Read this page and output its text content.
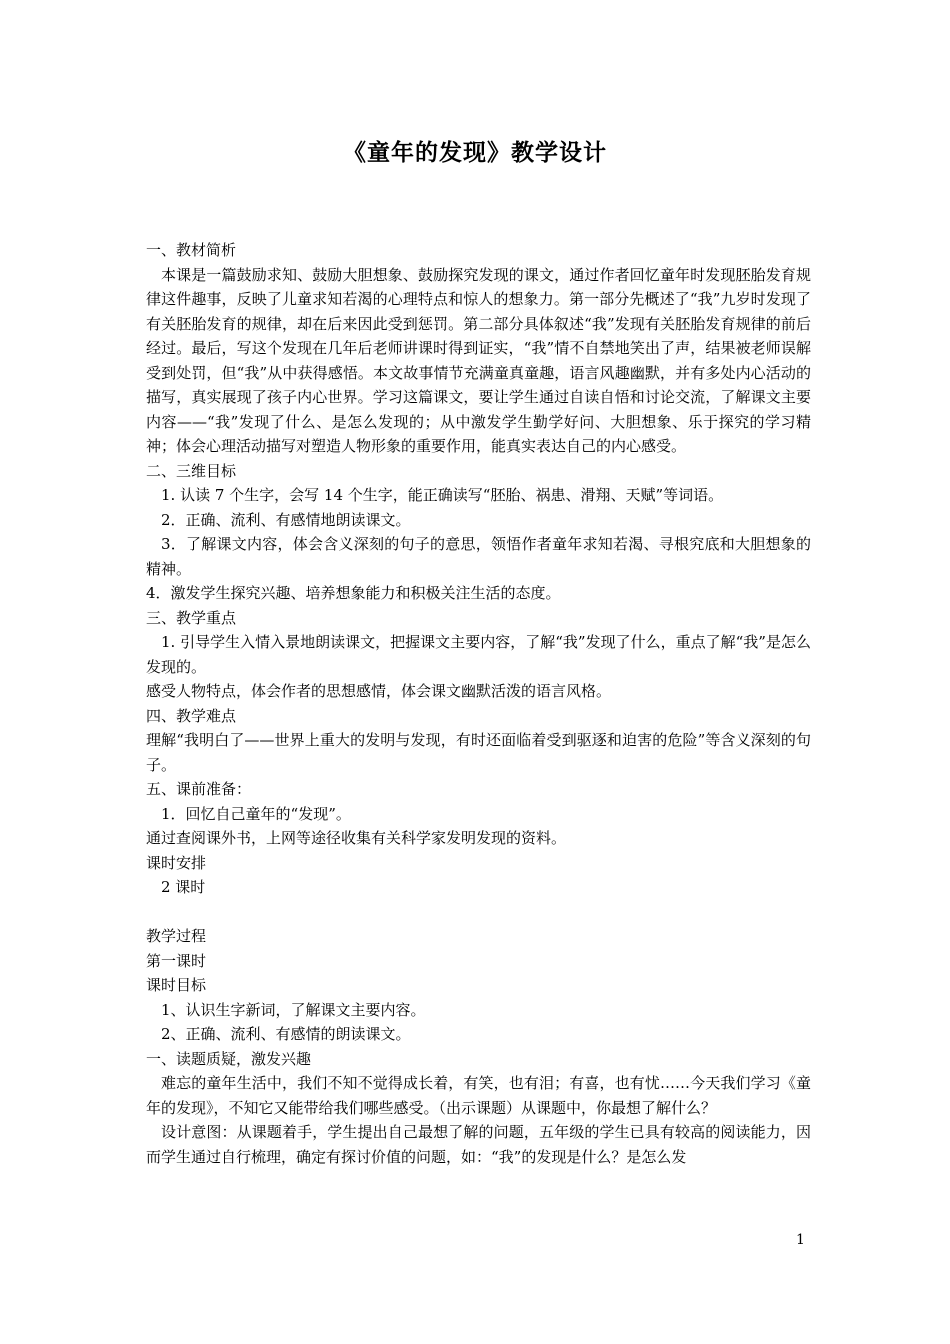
《童年的发现》教学设计

一、教材简析

本课是一篇鼓励求知、鼓励大胆想象、鼓励探究发现的课文，通过作者回忆童年时发现胚胎发育规律这件趣事，反映了儿童求知若渴的心理特点和惊人的想象力。第一部分先概述了“我”九岁时发现了有关胚胎发育的规律，却在后来因此受到惩罚。第二部分具体叙述“我”发现有关胚胎发育规律的前后经过。最后，写这个发现在几年后老师讲课时得到证实，“我”情不自禁地笑出了声，结果被老师误解受到处罚，但“我”从中获得感悟。本文故事情节充满童真童趣，语言风趣幽默，并有多处内心活动的描写，真实展现了孩子内心世界。学习这篇课文，要让学生通过自读自悟和讨论交流，了解课文主要内容——“我”发现了什么、是怎么发现的；从中激发学生勤学好问、大胆想象、乐于探究的学习精神；体会心理活动描写对塑造人物形象的重要作用，能真实表达自己的内心感受。

二、三维目标

1. 认读 7 个生字，会写 14 个生字，能正确读写“胚胎、祸患、滑翔、天赋”等词语。

2．正确、流利、有感情地朗读课文。

3．了解课文内容，体会含义深刻的句子的意思，领悟作者童年求知若渴、寻根究底和大胆想象的精神。

4．激发学生探究兴趣、培养想象能力和积极关注生活的态度。

三、教学重点

1. 引导学生入情入景地朗读课文，把握课文主要内容，了解“我”发现了什么，重点了解“我”是怎么发现的。

感受人物特点，体会作者的思想感情，体会课文幽默活泼的语言风格。

四、教学难点

理解“我明白了——世界上重大的发明与发现，有时还面临着受到驱逐和迫害的危险”等含义深刻的句子。

五、课前准备：

1．回忆自己童年的“发现”。

通过查阅课外书，上网等途径收集有关科学家发明发现的资料。

课时安排

2 课时

教学过程

第一课时

课时目标

1、认识生字新词，了解课文主要内容。

2、正确、流利、有感情的朗读课文。

一、读题质疑，激发兴趣

难忘的童年生活中，我们不知不觉得成长着，有笑，也有泪；有喜，也有忧……今天我们学习《童年的发现》，不知它又能带给我们哪些感受。（出示课题）从课题中，你最想了解什么？

设计意图：从课题着手，学生提出自己最想了解的问题，五年级的学生已具有较高的阅读能力，因而学生通过自行梳理，确定有探讨价值的问题，如：“我”的发现是什么？是怎么发

1
